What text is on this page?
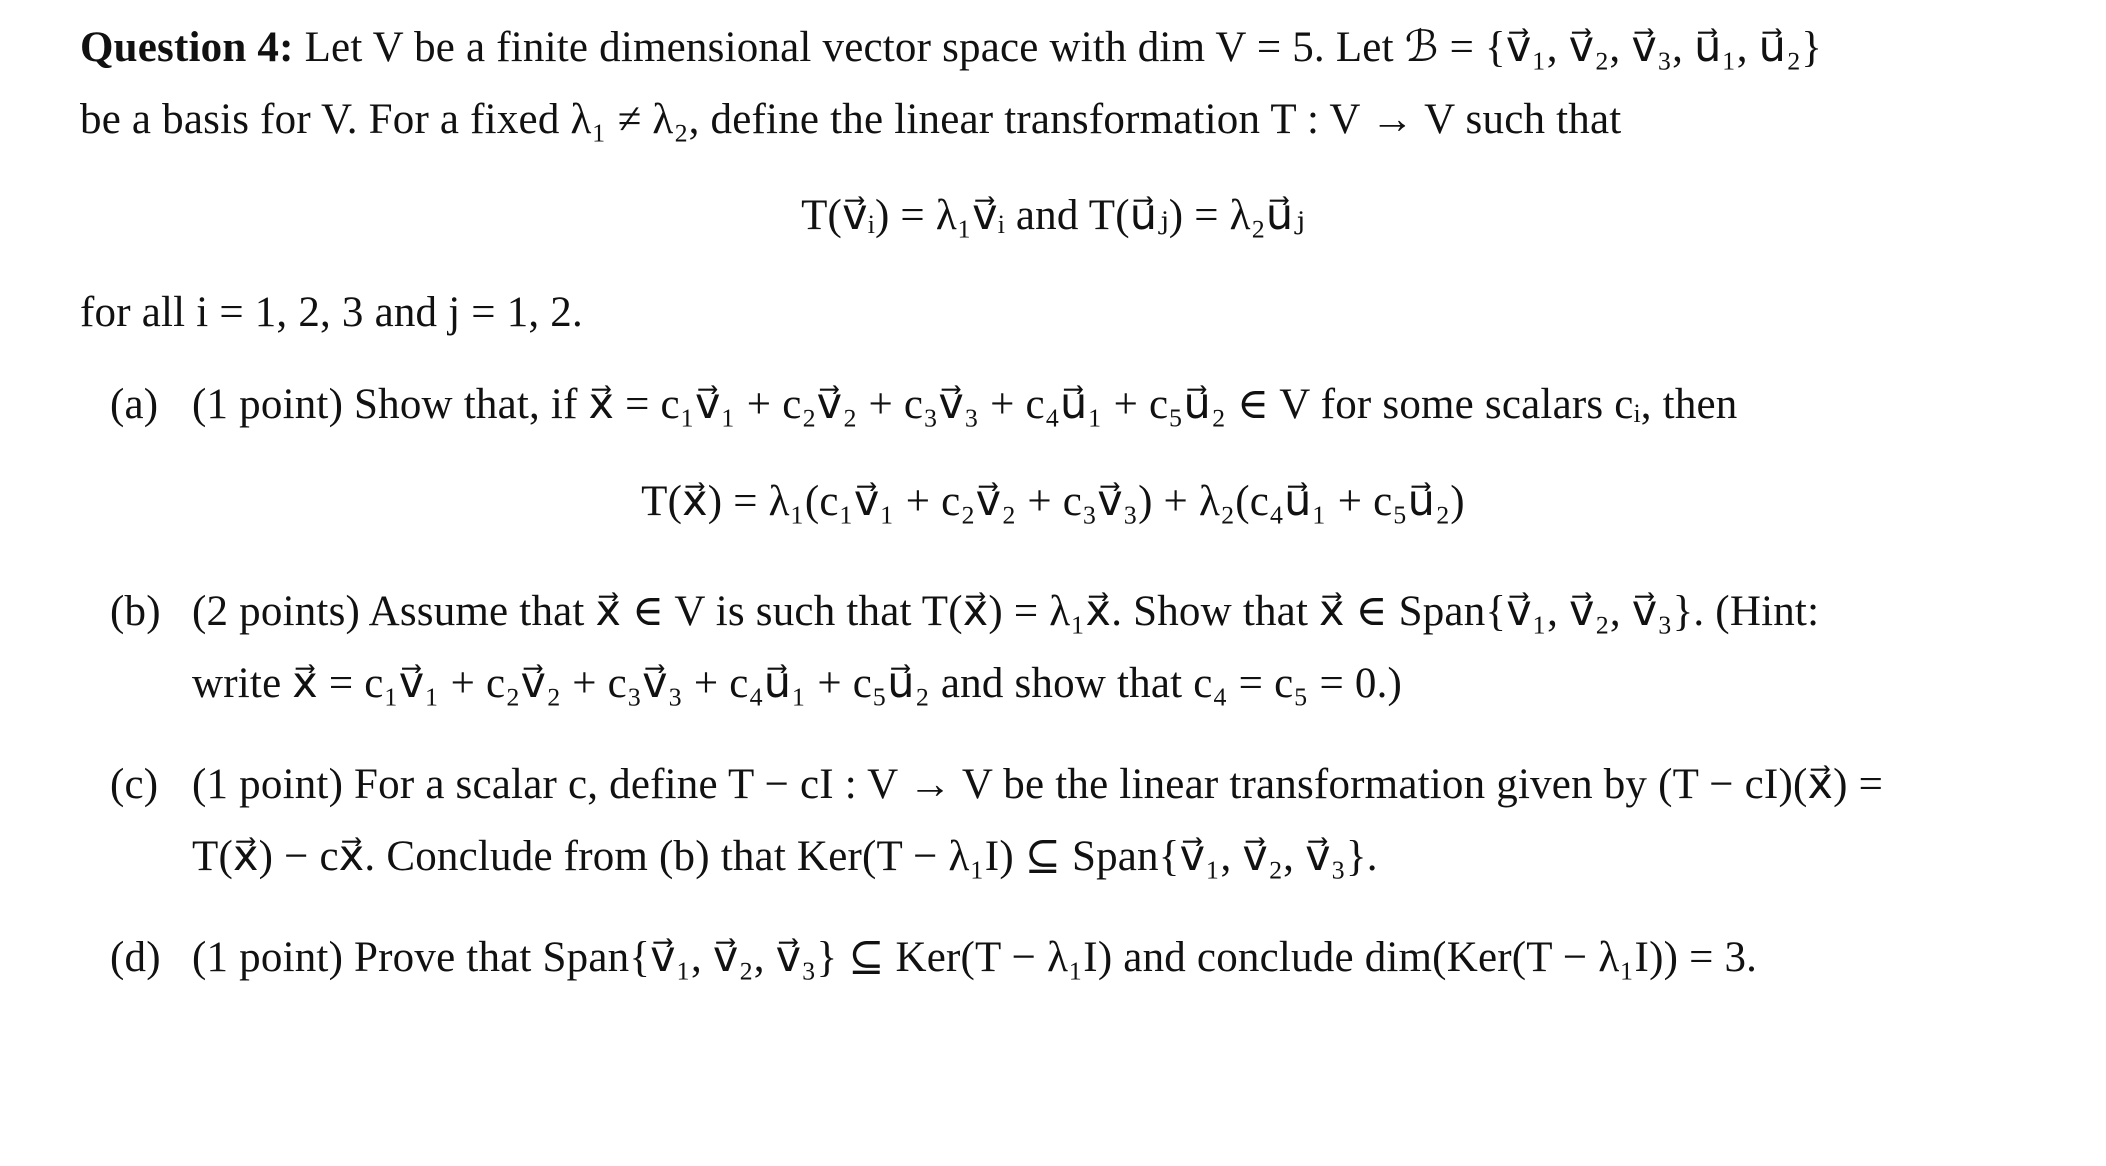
Question 4: Let V be a finite dimensional vector space with dim V = 5. Let ℬ = {v⃗₁, v⃗₂, v⃗₃, u⃗₁, u⃗₂}
be a basis for V. For a fixed λ₁ ≠ λ₂, define the linear transformation T : V → V such that
T(v⃗ᵢ) = λ₁v⃗ᵢ and T(u⃗ⱼ) = λ₂u⃗ⱼ
for all i = 1, 2, 3 and j = 1, 2.
(a) (1 point) Show that, if x⃗ = c₁v⃗₁ + c₂v⃗₂ + c₃v⃗₃ + c₄u⃗₁ + c₅u⃗₂ ∈ V for some scalars cᵢ, then
T(x⃗) = λ₁(c₁v⃗₁ + c₂v⃗₂ + c₃v⃗₃) + λ₂(c₄u⃗₁ + c₅u⃗₂)
(b) (2 points) Assume that x⃗ ∈ V is such that T(x⃗) = λ₁x⃗. Show that x⃗ ∈ Span{v⃗₁, v⃗₂, v⃗₃}. (Hint:
write x⃗ = c₁v⃗₁ + c₂v⃗₂ + c₃v⃗₃ + c₄u⃗₁ + c₅u⃗₂ and show that c₄ = c₅ = 0.)
(c) (1 point) For a scalar c, define T − cI : V → V be the linear transformation given by (T − cI)(x⃗) =
T(x⃗) − cx⃗. Conclude from (b) that Ker(T − λ₁I) ⊆ Span{v⃗₁, v⃗₂, v⃗₃}.
(d) (1 point) Prove that Span{v⃗₁, v⃗₂, v⃗₃} ⊆ Ker(T − λ₁I) and conclude dim(Ker(T − λ₁I)) = 3.
